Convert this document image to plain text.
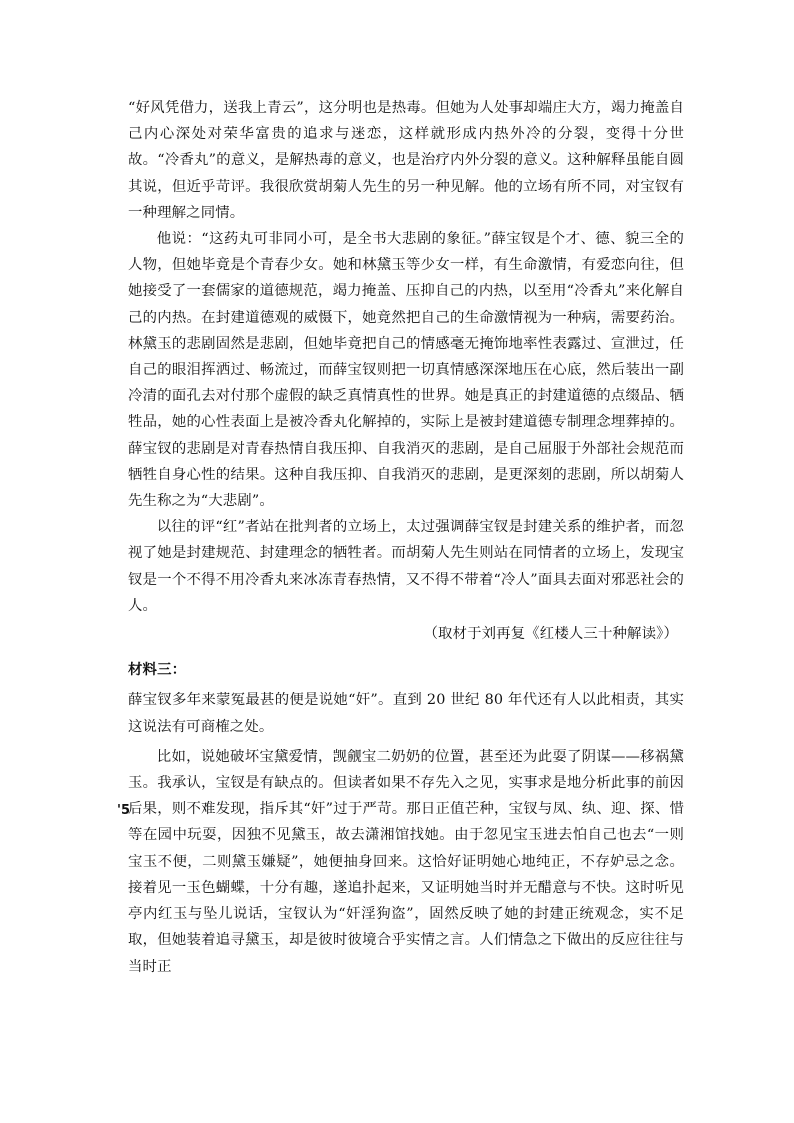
“好风凭借力，送我上青云”，这分明也是热毒。但她为人处事却端庄大方，竭力掩盖自己内心深处对荣华富贵的追求与迷恋，这样就形成内热外冷的分裂，变得十分世故。“冷香丸”的意义，是解热毒的意义，也是治疗内外分裂的意义。这种解释虽能自圆其说，但近乎苛评。我很欣赏胡菊人先生的另一种见解。他的立场有所不同，对宝钗有一种理解之同情。

他说：“这药丸可非同小可，是全书大悲剧的象征。”薛宝钗是个才、德、貌三全的人物，但她毕竟是个青春少女。她和林黛玉等少女一样，有生命激情，有爱恋向往，但她接受了一套儒家的道德规范，竭力掩盖、压抑自己的内热，以至用“冷香丸”来化解自己的内热。在封建道德观的威慑下，她竟然把自己的生命激情视为一种病，需要药治。林黛玉的悲剧固然是悲剧，但她毕竟把自己的情感毫无掩饰地率性表露过、宣泄过，任自己的眼泪挥洒过、畅流过，而薛宝钗则把一切真情感深深地压在心底，然后装出一副冷清的面孔去对付那个虚假的缺乏真情真性的世界。她是真正的封建道德的点缀品、牺牲品，她的心性表面上是被冷香丸化解掉的，实际上是被封建道德专制理念埋葬掉的。薛宝钗的悲剧是对青春热情自我压抑、自我消灭的悲剧，是自己屈服于外部社会规范而牺牲自身心性的结果。这种自我压抑、自我消灭的悲剧，是更深刻的悲剧，所以胡菊人先生称之为“大悲剧”。

以往的评“红”者站在批判者的立场上，太过强调薛宝钗是封建关系的维护者，而忽视了她是封建规范、封建理念的牺牲者。而胡菊人先生则站在同情者的立场上，发现宝钗是一个不得不用冷香丸来冰冻青春热情，又不得不带着“冷人”面具去面对邪恶社会的人。

（取材于刘再复《红楼人三十种解读》）

材料三：

薛宝钗多年来蒙冤最甚的便是说她“奸”。直到 20 世纪 80 年代还有人以此相责，其实这说法有可商榷之处。

比如，说她破坏宝黛爱情，觊觎宝二奶奶的位置，甚至还为此耍了阴谋——移祸黛玉。我承认，宝钗是有缺点的。但读者如果不存先入之见，实事求是地分析此事的前因后果，则不难发现，指斥其“奸”过于严苛。那日正值芒种，宝钗与凤、纨、迎、探、惜等在园中玩耍，因独不见黛玉，故去潇湘馆找她。由于忽见宝玉进去怕自己也去“一则宝玉不便，二则黛玉嫌疑”，她便抽身回来。这恰好证明她心地纯正，不存妒忌之念。接着见一玉色蝴蝶，十分有趣，遂追扑起来，又证明她当时并无醋意与不快。这时听见亭内红玉与坠儿说话，宝钗认为“奸淫狗盗”，固然反映了她的封建正统观念，实不足取，但她装着追寻黛玉，却是彼时彼境合乎实情之言。人们情急之下做出的反应往往与当时正

'5
